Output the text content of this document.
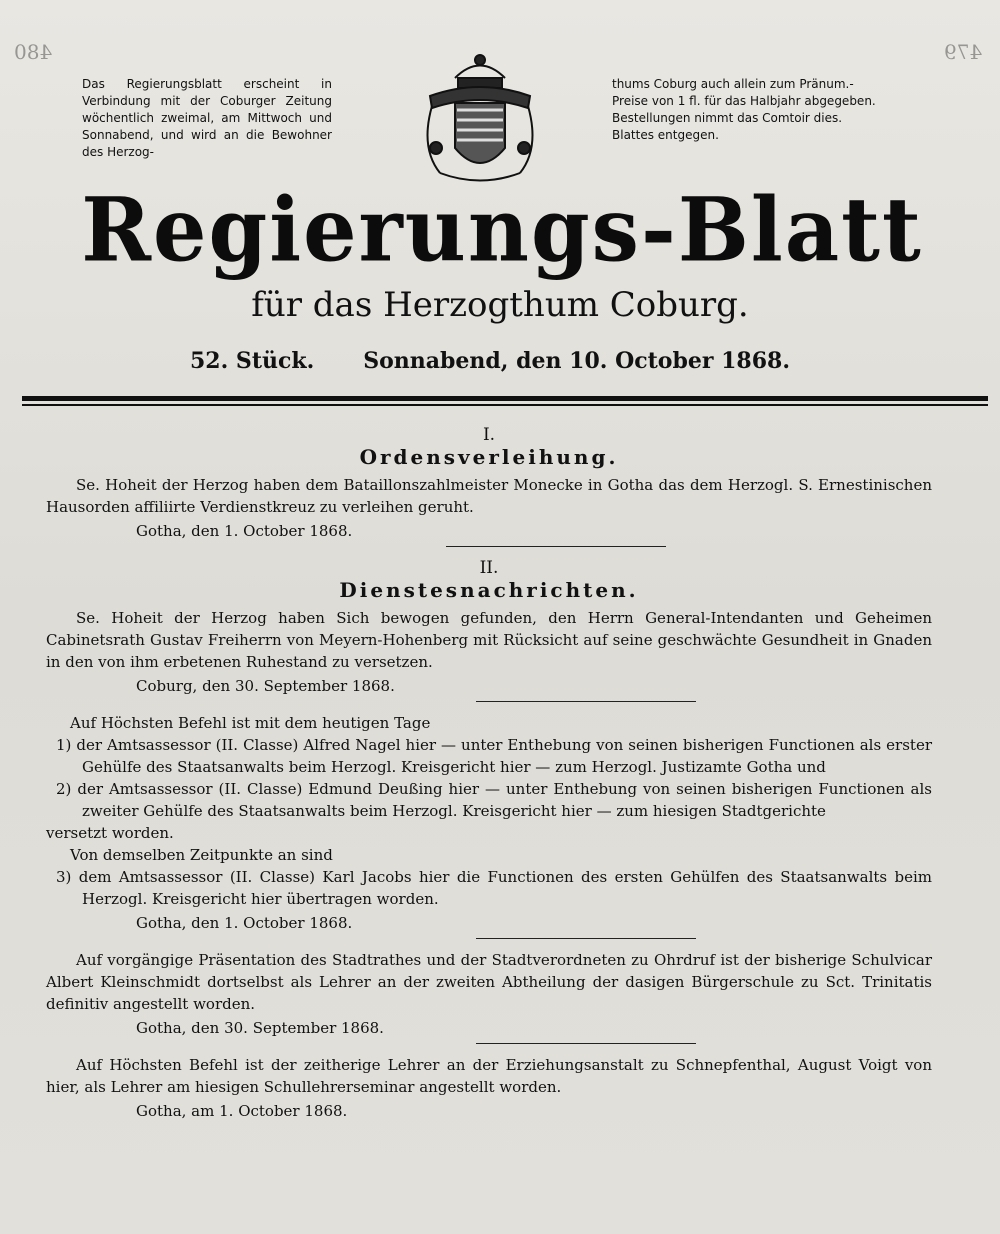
480	479

Das Regierungsblatt erscheint in Verbindung mit der Coburger Zeitung wöchentlich zweimal, am Mittwoch und Sonnabend, und wird an die Bewohner des Herzog-

thums Coburg auch allein zum Pränum.-Preise von 1 fl. für das Halbjahr abgegeben. Bestellungen nimmt das Comtoir dies. Blattes entgegen.

Regierungs-Blatt
für das Herzogthum Coburg.
52. Stück. Sonnabend, den 10. October 1868.
I.
Ordensverleihung.

Se. Hoheit der Herzog haben dem Bataillonszahlmeister Monecke in Gotha das dem Herzogl. S. Ernestinischen Hausorden affiliirte Verdienstkreuz zu verleihen geruht.

Gotha, den 1. October 1868.

II.
Dienstesnachrichten.

Se. Hoheit der Herzog haben Sich bewogen gefunden, den Herrn General-Intendanten und Geheimen Cabinetsrath Gustav Freiherrn von Meyern-Hohenberg mit Rücksicht auf seine geschwächte Gesundheit in Gnaden in den von ihm erbetenen Ruhestand zu versetzen.

Coburg, den 30. September 1868.

Auf Höchsten Befehl ist mit dem heutigen Tage

1) der Amtsassessor (II. Classe) Alfred Nagel hier — unter Enthebung von seinen bisherigen Functionen als erster Gehülfe des Staatsanwalts beim Herzogl. Kreisgericht hier — zum Herzogl. Justizamte Gotha und
2) der Amtsassessor (II. Classe) Edmund Deußing hier — unter Enthebung von seinen bisherigen Functionen als zweiter Gehülfe des Staatsanwalts beim Herzogl. Kreisgericht hier — zum hiesigen Stadtgerichte

versetzt worden.

Von demselben Zeitpunkte an sind

3) dem Amtsassessor (II. Classe) Karl Jacobs hier die Functionen des ersten Gehülfen des Staatsanwalts beim Herzogl. Kreisgericht hier übertragen worden.

Gotha, den 1. October 1868.

Auf vorgängige Präsentation des Stadtrathes und der Stadtverordneten zu Ohrdruf ist der bisherige Schulvicar Albert Kleinschmidt dortselbst als Lehrer an der zweiten Abtheilung der dasigen Bürgerschule zu Sct. Trinitatis definitiv angestellt worden.

Gotha, den 30. September 1868.

Auf Höchsten Befehl ist der zeitherige Lehrer an der Erziehungsanstalt zu Schnepfenthal, August Voigt von hier, als Lehrer am hiesigen Schullehrerseminar angestellt worden.

Gotha, am 1. October 1868.
